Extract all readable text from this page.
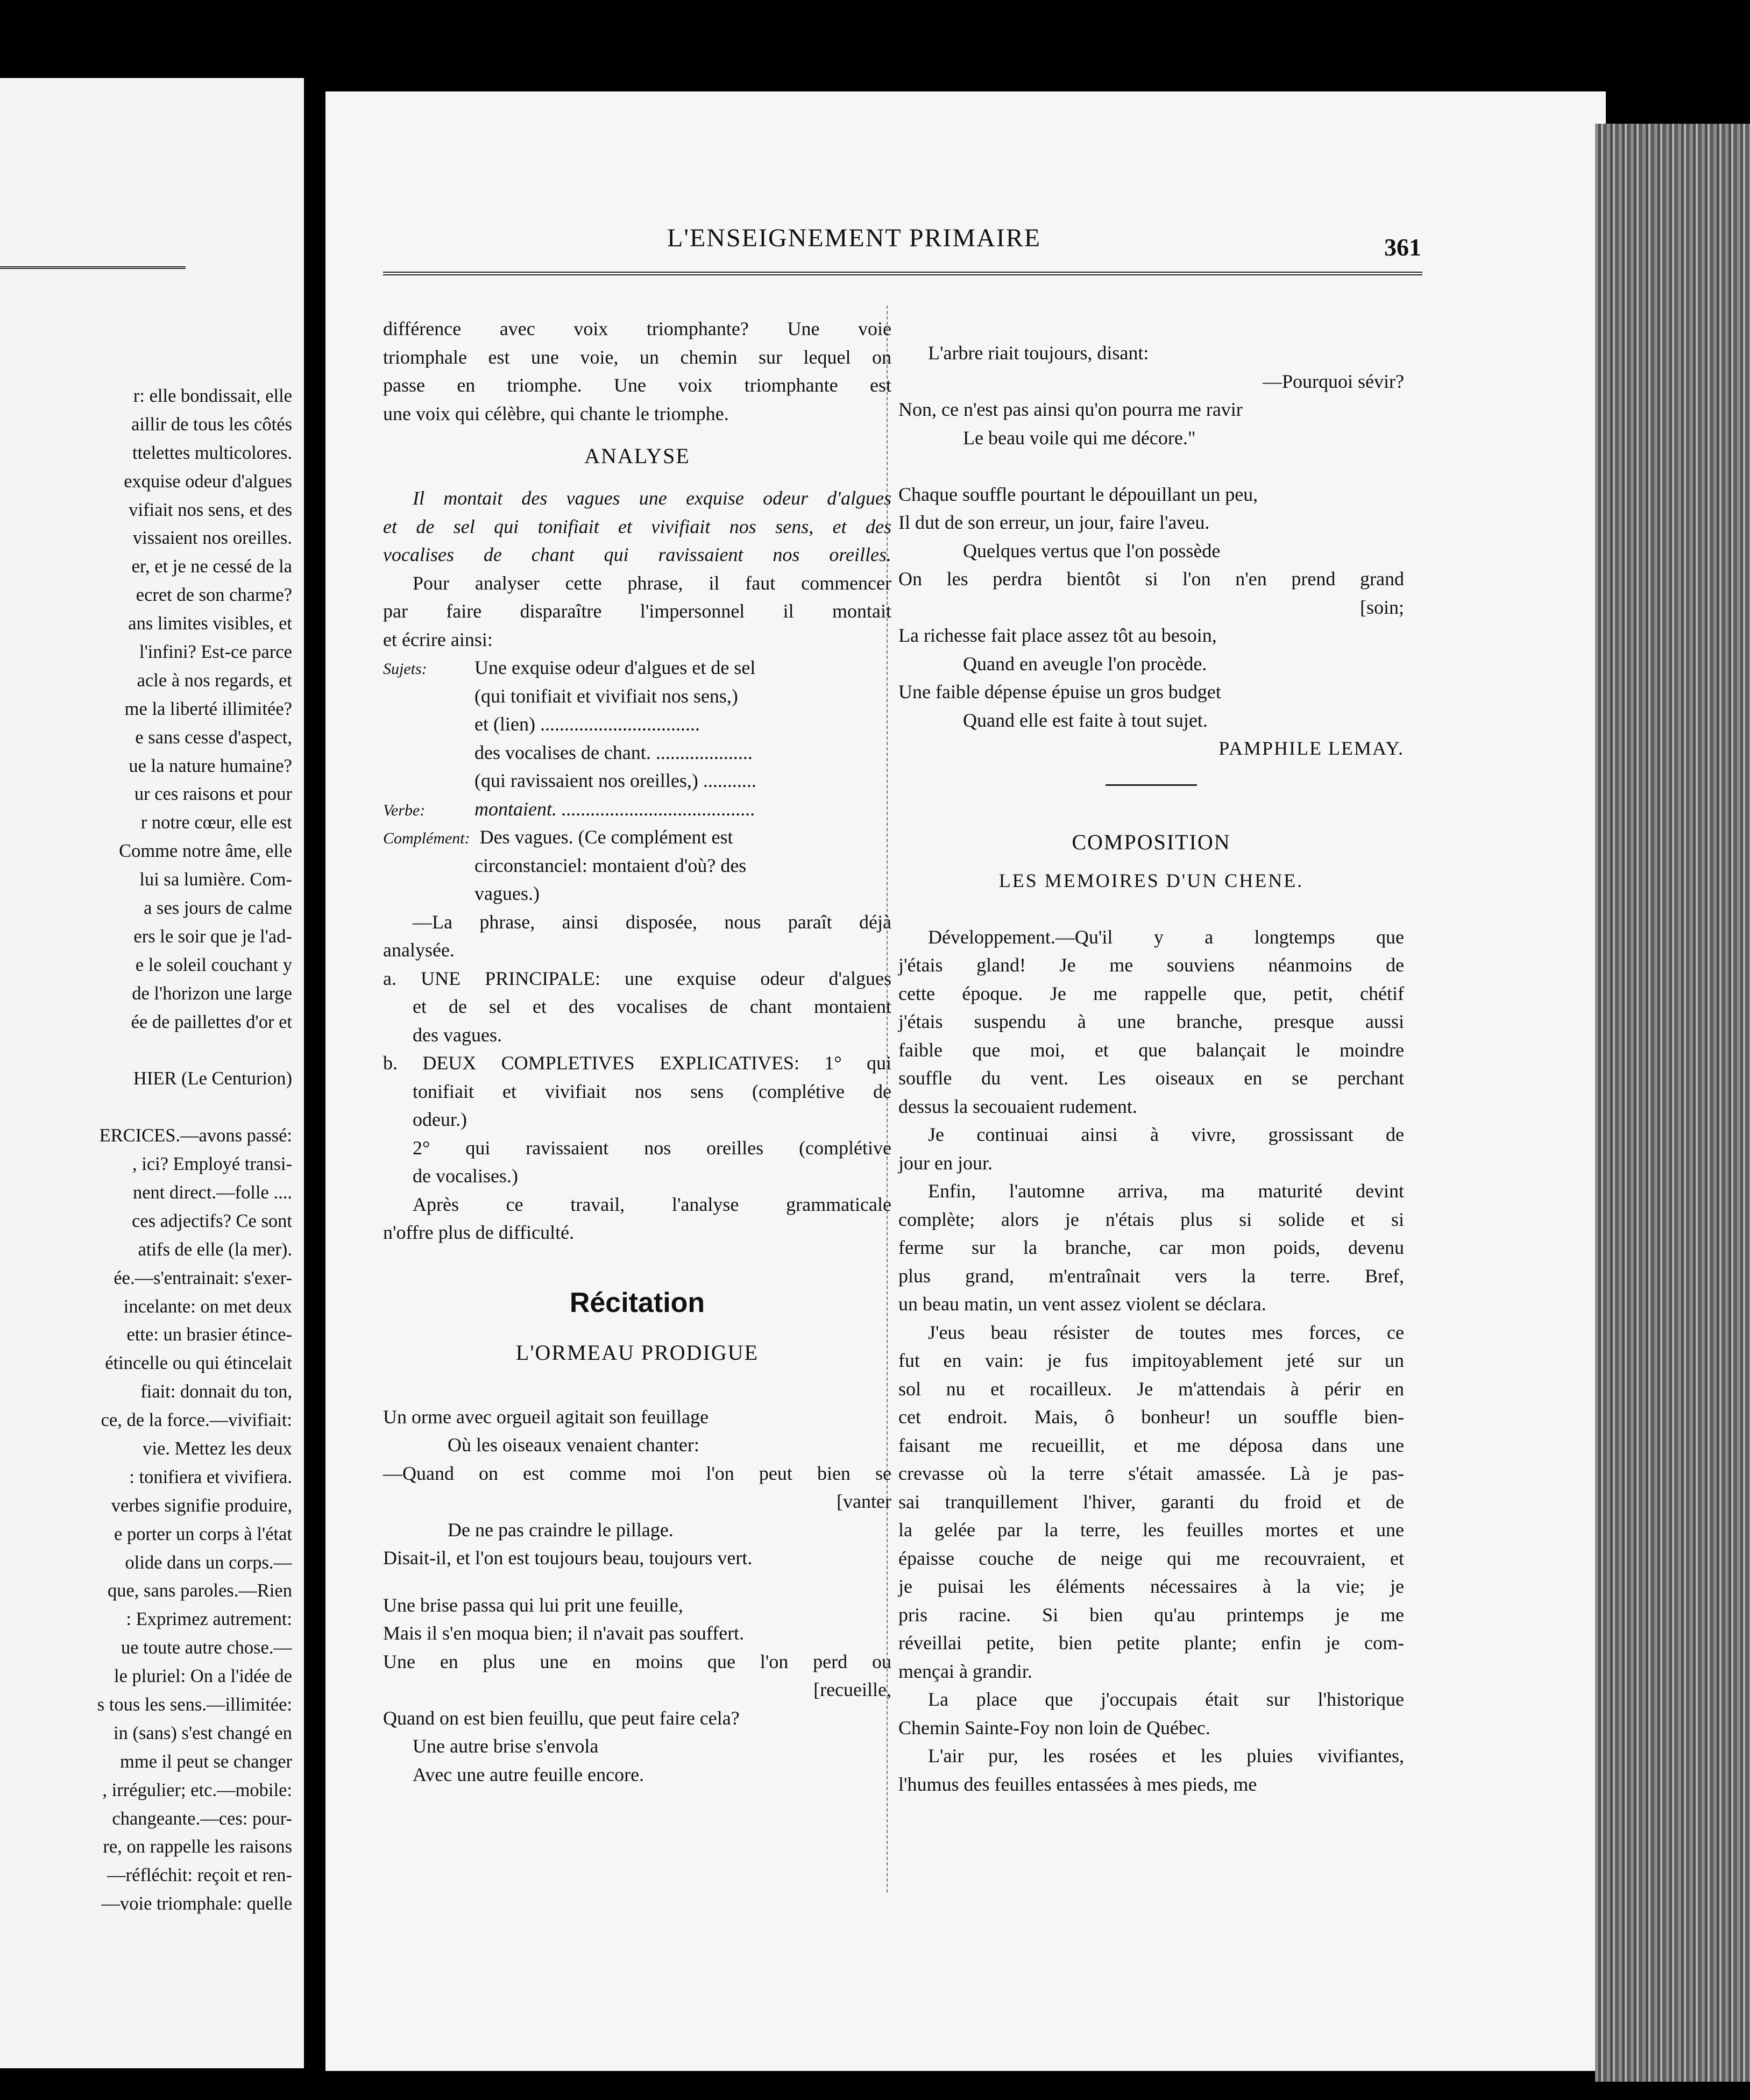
r: elle bondissait, elle
aillir de tous les côtés
ttelettes multicolores.
exquise odeur d'algues
vifiait nos sens, et des
vissaient nos oreilles.
er, et je ne cessé de la
ecret de son charme?
ans limites visibles, et
l'infini? Est-ce parce
acle à nos regards, et
me la liberté illimitée?
e sans cesse d'aspect,
ue la nature humaine?
ur ces raisons et pour
r notre cœur, elle est
Comme notre âme, elle
lui sa lumière. Com-
a ses jours de calme
ers le soir que je l'ad-
e le soleil couchant y
de l'horizon une large
ée de paillettes d'or et
HIER (Le Centurion)
ERCICES.—avons passé:
, ici? Employé transi-
nent direct.—folle ....
ces adjectifs? Ce sont
atifs de elle (la mer).
ée.—s'entrainait: s'exer-
incelante: on met deux
ette: un brasier étince-
étincelle ou qui étincelait
fiait: donnait du ton,
ce, de la force.—vivifiait:
vie. Mettez les deux
: tonifiera et vivifiera.
verbes signifie produire,
e porter un corps à l'état
olide dans un corps.—
que, sans paroles.—Rien
: Exprimez autrement:
ue toute autre chose.—
le pluriel: On a l'idée de
s tous les sens.—illimitée:
in (sans) s'est changé en
mme il peut se changer
, irrégulier; etc.—mobile:
changeante.—ces: pour-
re, on rappelle les raisons
—réfléchit: reçoit et ren-
—voie triomphale: quelle
L'ENSEIGNEMENT PRIMAIRE	361
différence avec voix triomphante? Une voie
triomphale est une voie, un chemin sur lequel on
passe en triomphe. Une voix triomphante est
une voix qui célèbre, qui chante le triomphe.
ANALYSE
Il montait des vagues une exquise odeur d'algues
et de sel qui tonifiait et vivifiait nos sens, et des
vocalises de chant qui ravissaient nos oreilles.
Pour analyser cette phrase, il faut commencer
par faire disparaître l'impersonnel il montait
et écrire ainsi:
Sujets: Une exquise odeur d'algues et de sel
(qui tonifiait et vivifiait nos sens,)
et (lien) .................................
des vocalises de chant. ....................
(qui ravissaient nos oreilles,) ...........
Verbe:	montaient. ........................................
Complément: Des vagues. (Ce complément est
circonstanciel: montaient d'où? des
vagues.)
—La phrase, ainsi disposée, nous paraît déjà
analysée.
a. UNE PRINCIPALE: une exquise odeur d'algues
et de sel et des vocalises de chant montaient
des vagues.
b. DEUX COMPLETIVES EXPLICATIVES: 1° qui
tonifiait et vivifiait nos sens (complétive de
odeur.)
2° qui ravissaient nos oreilles (complétive
de vocalises.)
Après ce travail, l'analyse grammaticale
n'offre plus de difficulté.
Récitation
L'ORMEAU PRODIGUE
Un orme avec orgueil agitait son feuillage
Où les oiseaux venaient chanter:
—Quand on est comme moi l'on peut bien se
[vanter
De ne pas craindre le pillage.
Disait-il, et l'on est toujours beau, toujours vert.
Une brise passa qui lui prit une feuille,
Mais il s'en moqua bien; il n'avait pas souffert.
Une en plus une en moins que l'on perd ou
[recueille,
Quand on est bien feuillu, que peut faire cela?
Une autre brise s'envola
Avec une autre feuille encore.
L'arbre riait toujours, disant:
—Pourquoi sévir?
Non, ce n'est pas ainsi qu'on pourra me ravir
Le beau voile qui me décore."
Chaque souffle pourtant le dépouillant un peu,
Il dut de son erreur, un jour, faire l'aveu.
Quelques vertus que l'on possède
On les perdra bientôt si l'on n'en prend grand
[soin;
La richesse fait place assez tôt au besoin,
Quand en aveugle l'on procède.
Une faible dépense épuise un gros budget
Quand elle est faite à tout sujet.
PAMPHILE LEMAY.
COMPOSITION
LES MEMOIRES D'UN CHENE.
Développement.—Qu'il y a longtemps que
j'étais gland! Je me souviens néanmoins de
cette époque. Je me rappelle que, petit, chétif
j'étais suspendu à une branche, presque aussi
faible que moi, et que balançait le moindre
souffle du vent. Les oiseaux en se perchant
dessus la secouaient rudement.
Je continuai ainsi à vivre, grossissant de
jour en jour.
Enfin, l'automne arriva, ma maturité devint
complète; alors je n'étais plus si solide et si
ferme sur la branche, car mon poids, devenu
plus grand, m'entraînait vers la terre. Bref,
un beau matin, un vent assez violent se déclara.
J'eus beau résister de toutes mes forces, ce
fut en vain: je fus impitoyablement jeté sur un
sol nu et rocailleux. Je m'attendais à périr en
cet endroit. Mais, ô bonheur! un souffle bien-
faisant me recueillit, et me déposa dans une
crevasse où la terre s'était amassée. Là je pas-
sai tranquillement l'hiver, garanti du froid et de
la gelée par la terre, les feuilles mortes et une
épaisse couche de neige qui me recouvraient, et
je puisai les éléments nécessaires à la vie; je
pris racine. Si bien qu'au printemps je me
réveillai petite, bien petite plante; enfin je com-
mençai à grandir.
La place que j'occupais était sur l'historique
Chemin Sainte-Foy non loin de Québec.
L'air pur, les rosées et les pluies vivifiantes,
l'humus des feuilles entassées à mes pieds, me
